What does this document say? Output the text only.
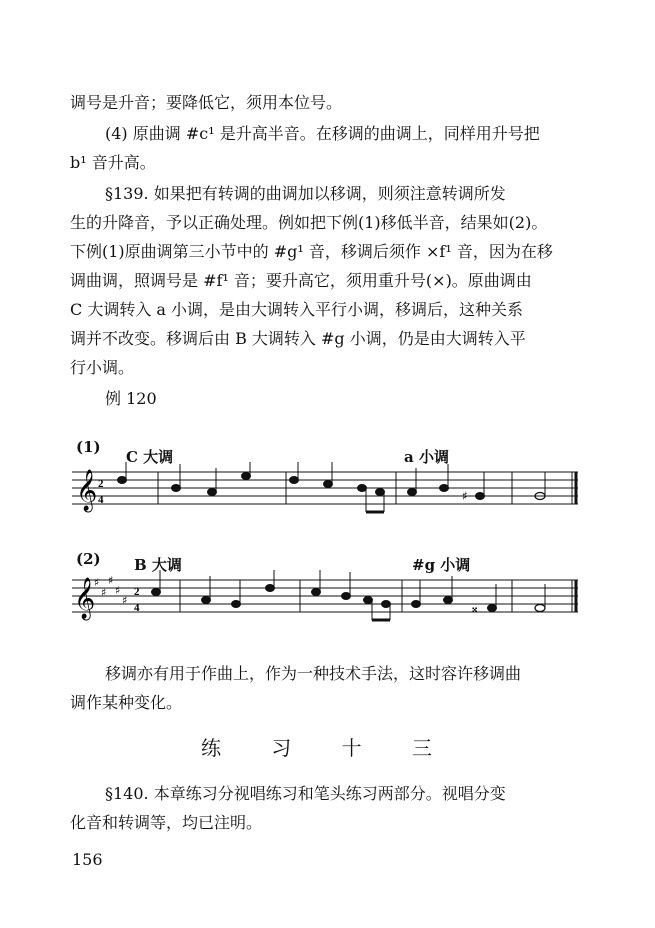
调号是升音；要降低它，须用本位号。
(4) 原曲调 #c¹ 是升高半音。在移调的曲调上，同样用升号把
b¹ 音升高。
§139. 如果把有转调的曲调加以移调，则须注意转调所发
生的升降音，予以正确处理。例如把下例(1)移低半音，结果如(2)。
下例(1)原曲调第三小节中的 #g¹ 音，移调后须作 ×f¹ 音，因为在移
调曲调，照调号是 #f¹ 音；要升高它，须用重升号(×)。原曲调由
C 大调转入 a 小调，是由大调转入平行小调，移调后，这种关系
调并不改变。移调后由 B 大调转入 #g 小调，仍是由大调转入平
行小调。
例 120
(1)
C 大调	a 小调
𝄞 2
4	♯
(2) B 大调	#g 小调
𝄞
♯
♯
♯
♯
♯
2
4	𝄪
移调亦有用于作曲上，作为一种技术手法，这时容许移调曲
调作某种变化。
练 习 十 三
§140. 本章练习分视唱练习和笔头练习两部分。视唱分变
化音和转调等，均已注明。
156
